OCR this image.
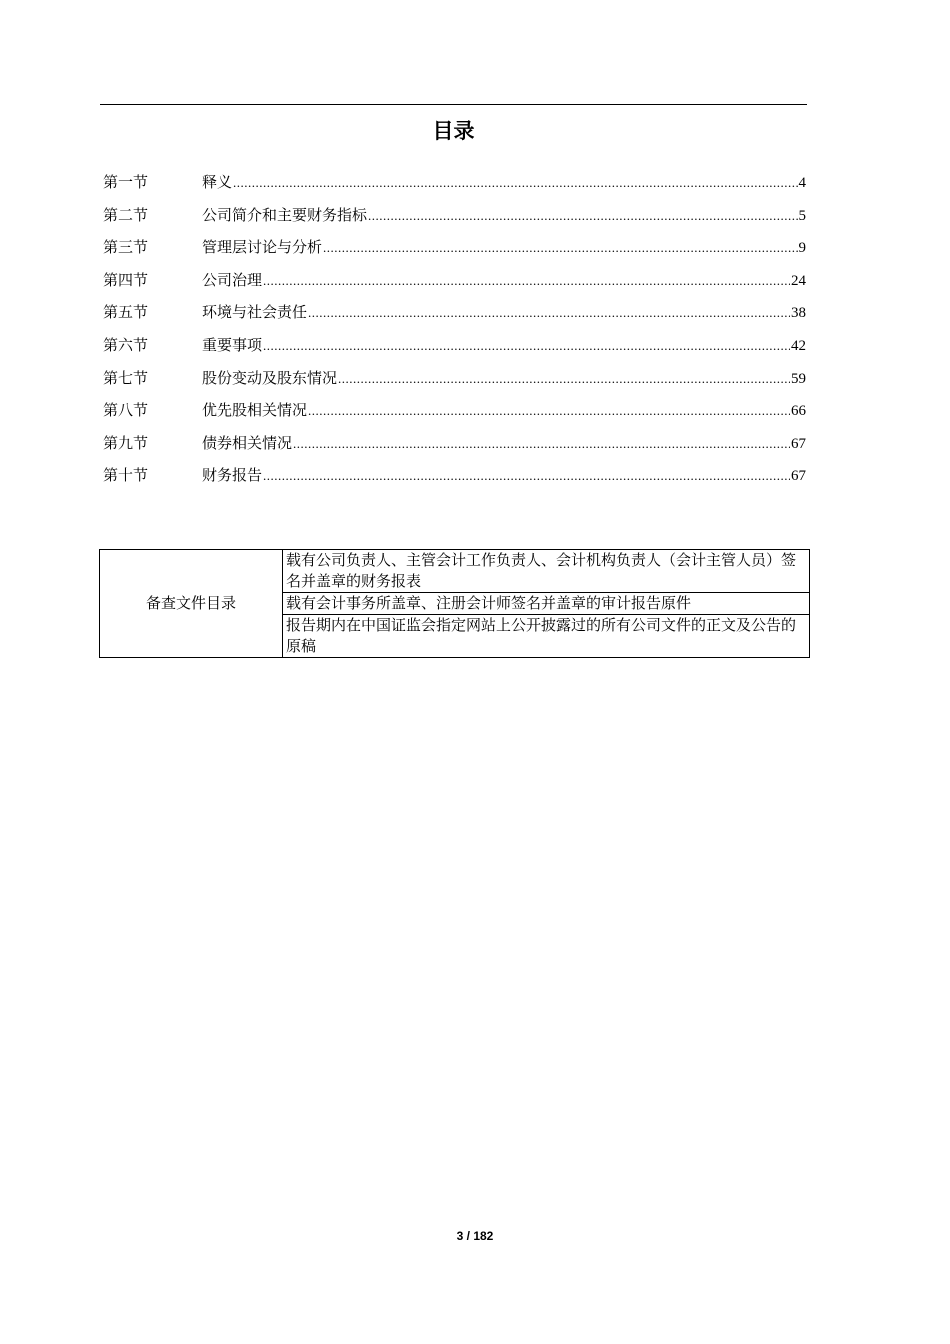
目录
第一节	释义 .....	4
第二节	公司简介和主要财务指标 .....	5
第三节	管理层讨论与分析 .....	9
第四节	公司治理 .....	24
第五节	环境与社会责任 .....	38
第六节	重要事项 .....	42
第七节	股份变动及股东情况 .....	59
第八节	优先股相关情况 .....	66
第九节	债券相关情况 .....	67
第十节	财务报告 .....	67
备查文件目录	载有公司负责人、主管会计工作负责人、会计机构负责人（会计主管人员）签名并盖章的财务报表
载有会计事务所盖章、注册会计师签名并盖章的审计报告原件
报告期内在中国证监会指定网站上公开披露过的所有公司文件的正文及公告的原稿
3 / 182
